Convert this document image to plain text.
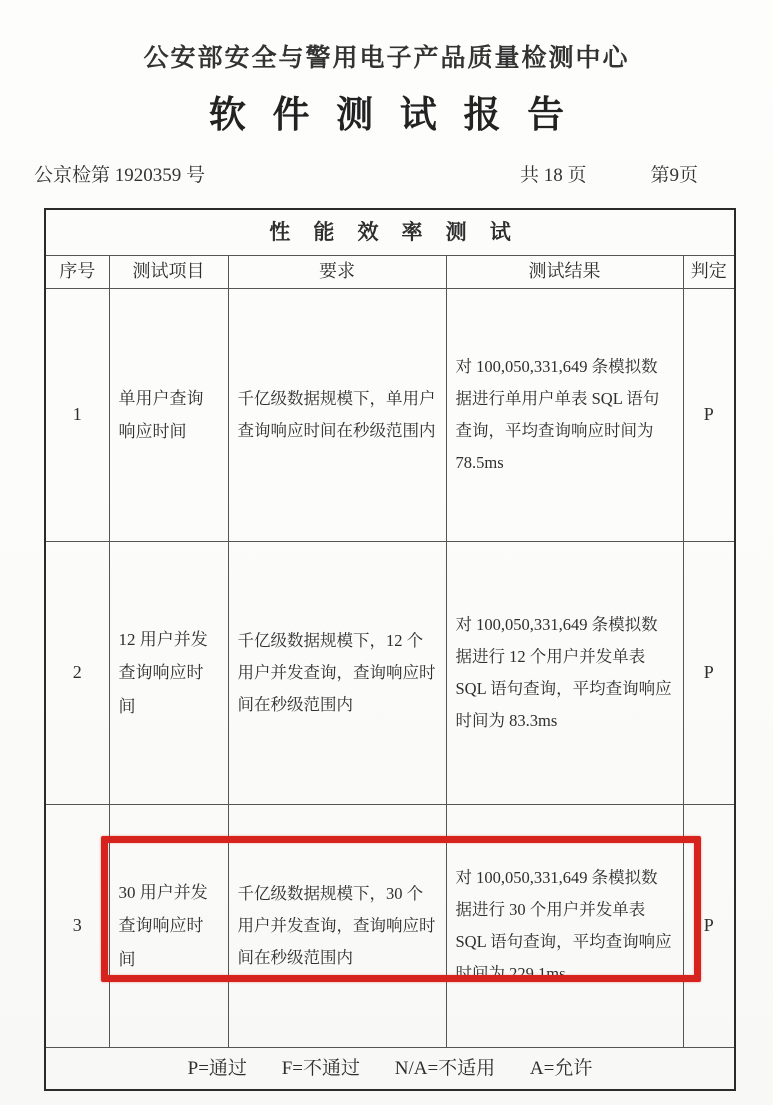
公安部安全与警用电子产品质量检测中心
软件测试报告
公京检第 1920359 号	共 18 页	第9页
性能效率测试				
序号	测试项目	要求	测试结果	判定
1	单用户查询响应时间	千亿级数据规模下，单用户查询响应时间在秒级范围内	对 100,050,331,649 条模拟数据进行单用户单表 SQL 语句查询，平均查询响应时间为 78.5ms	P
2	12 用户并发查询响应时间	千亿级数据规模下，12 个用户并发查询，查询响应时间在秒级范围内	对 100,050,331,649 条模拟数据进行 12 个用户并发单表 SQL 语句查询，平均查询响应时间为 83.3ms	P
3	30 用户并发查询响应时间	千亿级数据规模下，30 个用户并发查询，查询响应时间在秒级范围内	对 100,050,331,649 条模拟数据进行 30 个用户并发单表 SQL 语句查询，平均查询响应时间为 229.1ms	P
P=通过 F=不通过 N/A=不适用 A=允许				
